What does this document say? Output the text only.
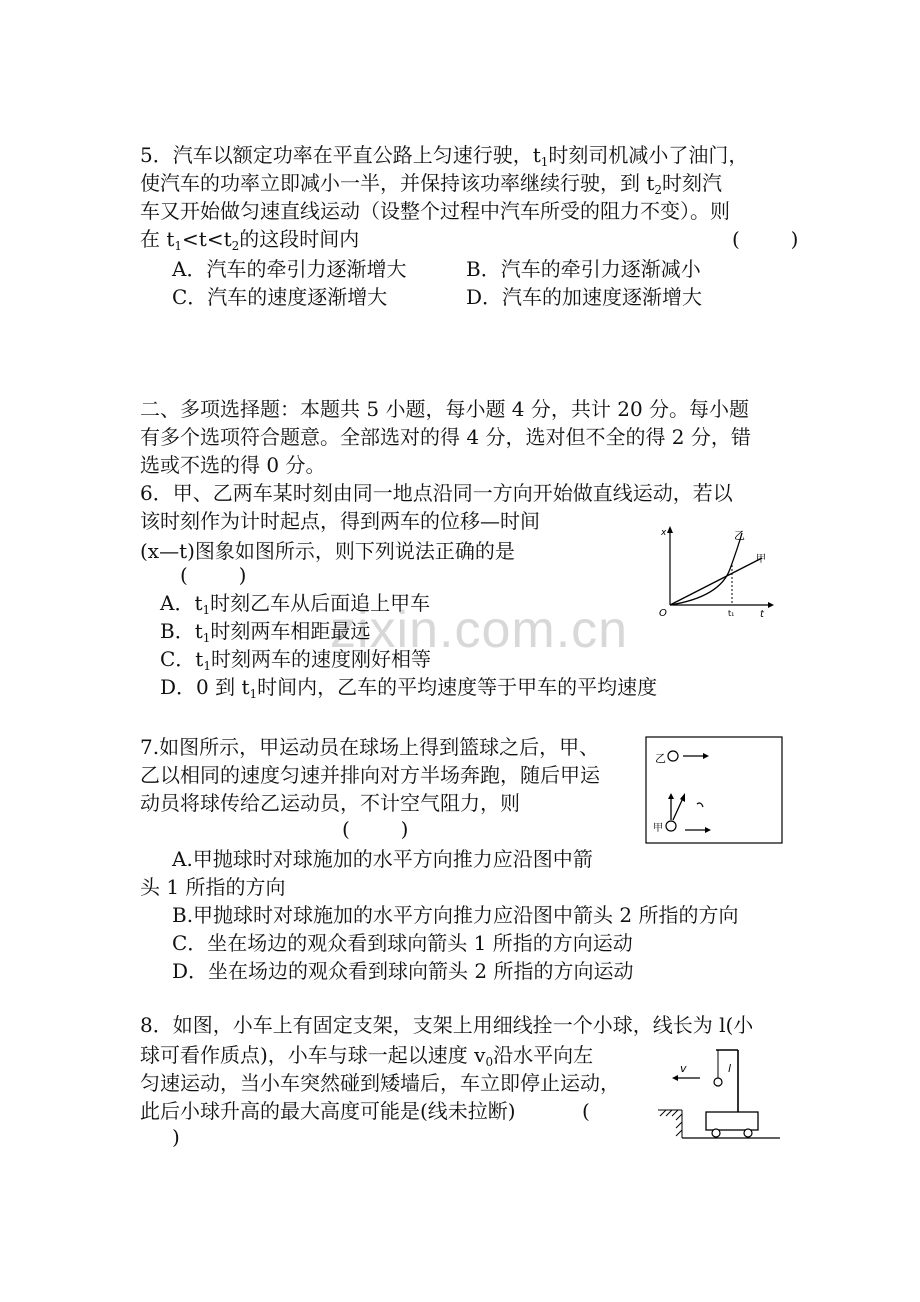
zixin.com.cn
5．汽车以额定功率在平直公路上匀速行驶，$t_1$时刻司机减小了油门，
使汽车的功率立即减小一半，并保持该功率继续行驶，到 $t_2$时刻汽
车又开始做匀速直线运动（设整个过程中汽车所受的阻力不变）。则
在 $t_1<t<t_2$的这段时间内	(        )
A．汽车的牵引力逐渐增大	B．汽车的牵引力逐渐减小
C．汽车的速度逐渐增大	D．汽车的加速度逐渐增大
二、多项选择题：本题共 5 小题，每小题 4 分，共计 20 分。每小题
有多个选项符合题意。全部选对的得 4 分，选对但不全的得 2 分，错
选或不选的得 0 分。
6．甲、乙两车某时刻由同一地点沿同一方向开始做直线运动，若以
该时刻作为计时起点，得到两车的位移—时间
(x—t)图象如图所示，则下列说法正确的是
(        )
A．$t_1$时刻乙车从后面追上甲车
B．$t_1$时刻两车相距最远
C．$t_1$时刻两车的速度刚好相等
D．0 到 $t_1$时间内，乙车的平均速度等于甲车的平均速度
x
t
O
乙
甲
t₁
7.如图所示，甲运动员在球场上得到篮球之后，甲、
乙以相同的速度匀速并排向对方半场奔跑，随后甲运
动员将球传给乙运动员，不计空气阻力，则
(        )
A.甲抛球时对球施加的水平方向推力应沿图中箭
头 1 所指的方向
B.甲抛球时对球施加的水平方向推力应沿图中箭头 2 所指的方向
C．坐在场边的观众看到球向箭头 1 所指的方向运动
D．坐在场边的观众看到球向箭头 2 所指的方向运动
乙
甲
8．如图，小车上有固定支架，支架上用细线拴一个小球，线长为 l(小
球可看作质点)，小车与球一起以速度 $v_0$沿水平向左
匀速运动，当小车突然碰到矮墙后，车立即停止运动，
此后小球升高的最大高度可能是(线未拉断)	(
)
l
v
